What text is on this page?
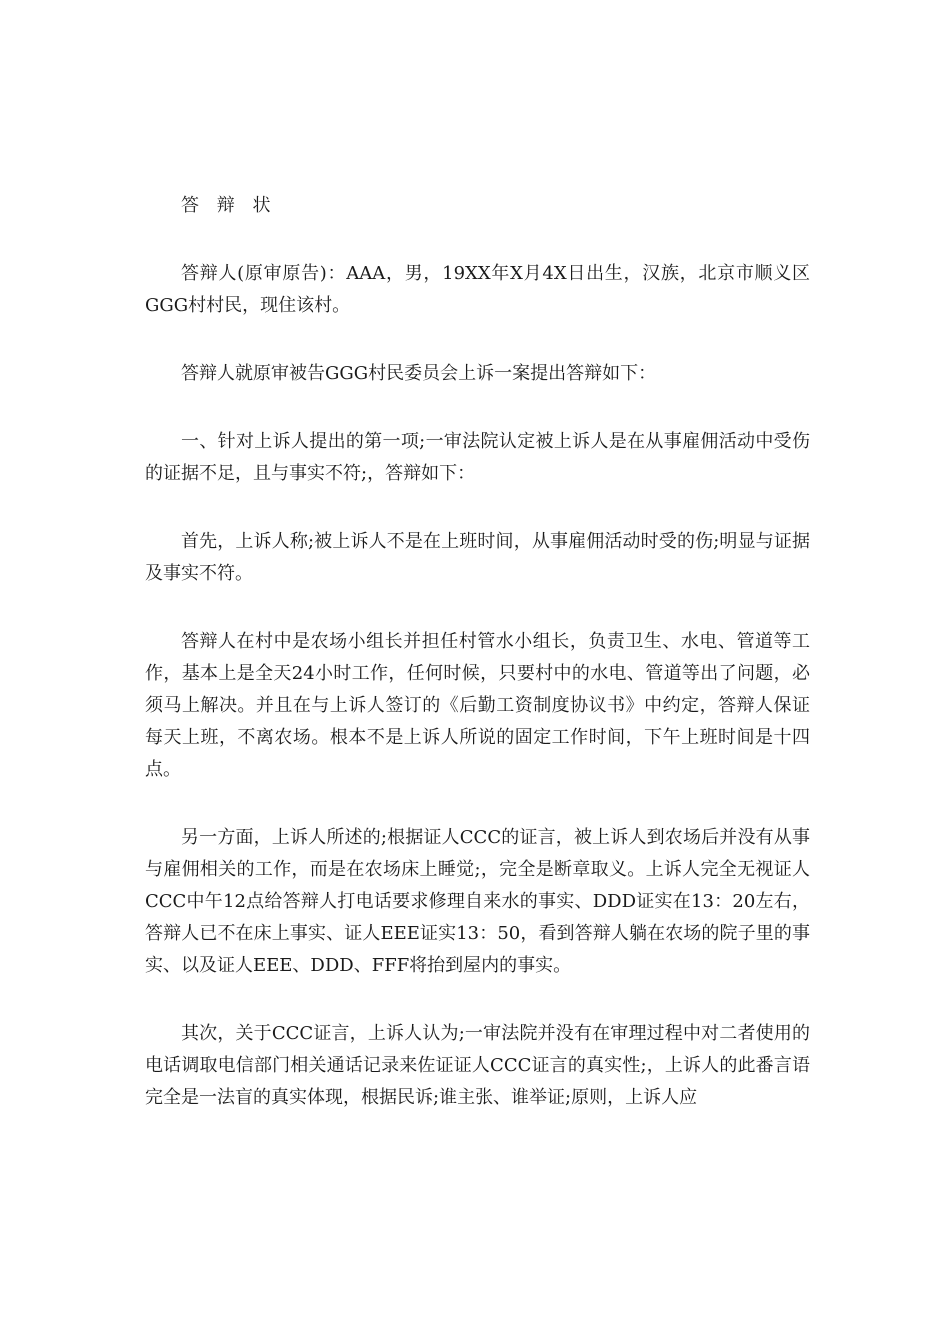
答 辩 状

答辩人(原审原告)：AAA，男，19XX年X月4X日出生，汉族，北京市顺义区GGG村村民，现住该村。

答辩人就原审被告GGG村民委员会上诉一案提出答辩如下：

一、针对上诉人提出的第一项;一审法院认定被上诉人是在从事雇佣活动中受伤的证据不足，且与事实不符;，答辩如下：

首先，上诉人称;被上诉人不是在上班时间，从事雇佣活动时受的伤;明显与证据及事实不符。

答辩人在村中是农场小组长并担任村管水小组长，负责卫生、水电、管道等工作，基本上是全天24小时工作，任何时候，只要村中的水电、管道等出了问题，必须马上解决。并且在与上诉人签订的《后勤工资制度协议书》中约定，答辩人保证每天上班，不离农场。根本不是上诉人所说的固定工作时间，下午上班时间是十四点。

另一方面，上诉人所述的;根据证人CCC的证言，被上诉人到农场后并没有从事与雇佣相关的工作，而是在农场床上睡觉;，完全是断章取义。上诉人完全无视证人CCC中午12点给答辩人打电话要求修理自来水的事实、DDD证实在13：20左右，答辩人已不在床上事实、证人EEE证实13：50，看到答辩人躺在农场的院子里的事实、以及证人EEE、DDD、FFF将抬到屋内的事实。

其次，关于CCC证言，上诉人认为;一审法院并没有在审理过程中对二者使用的电话调取电信部门相关通话记录来佐证证人CCC证言的真实性;，上诉人的此番言语完全是一法盲的真实体现，根据民诉;谁主张、谁举证;原则，上诉人应
